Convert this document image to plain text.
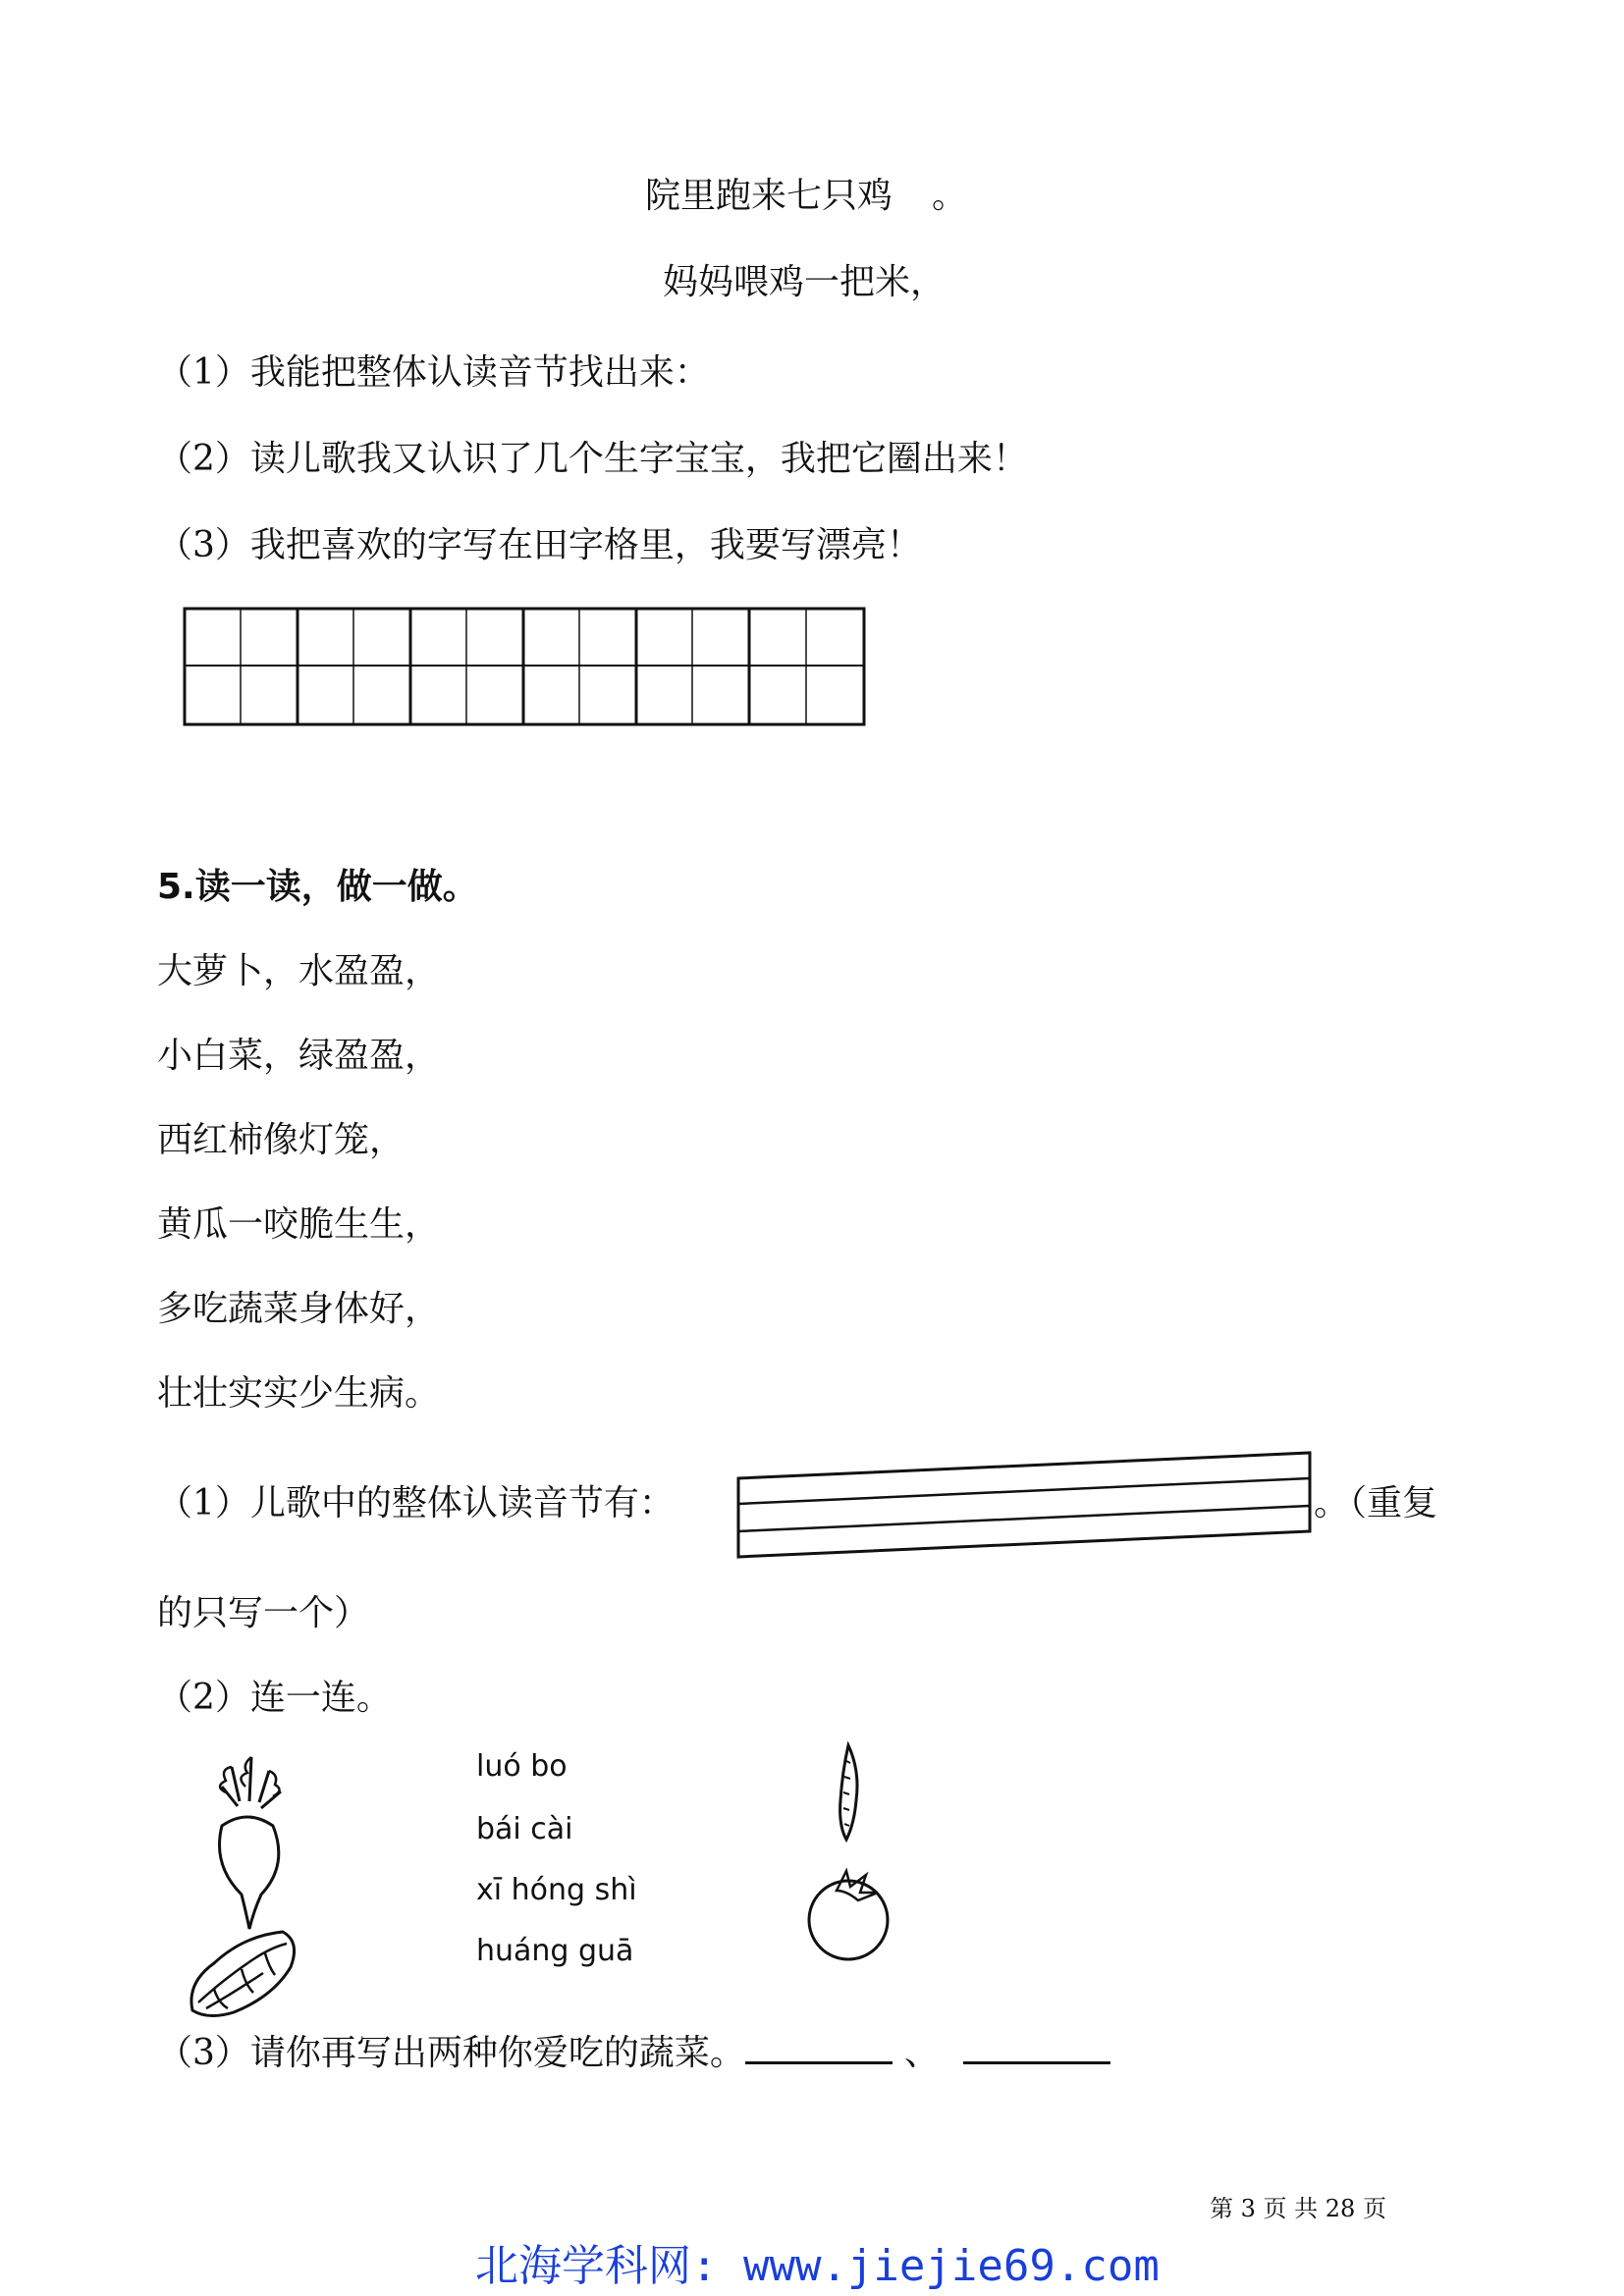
院里跑来七只鸡 。
妈妈喂鸡一把米，
（1）我能把整体认读音节找出来：
（2）读儿歌我又认识了几个生字宝宝，我把它圈出来！
（3）我把喜欢的字写在田字格里，我要写漂亮！
5.读一读，做一做。
大萝卜，水盈盈，
小白菜，绿盈盈，
西红柿像灯笼，
黄瓜一咬脆生生，
多吃蔬菜身体好，
壮壮实实少生病。
（1）儿歌中的整体认读音节有：	。（重复
的只写一个）
（2）连一连。
luó bo
bái cài
xī hóng shì
huáng guā
（3）请你再写出两种你爱吃的蔬菜。	、
第 3 页 共 28 页
北海学科网: www.jiejie69.com
